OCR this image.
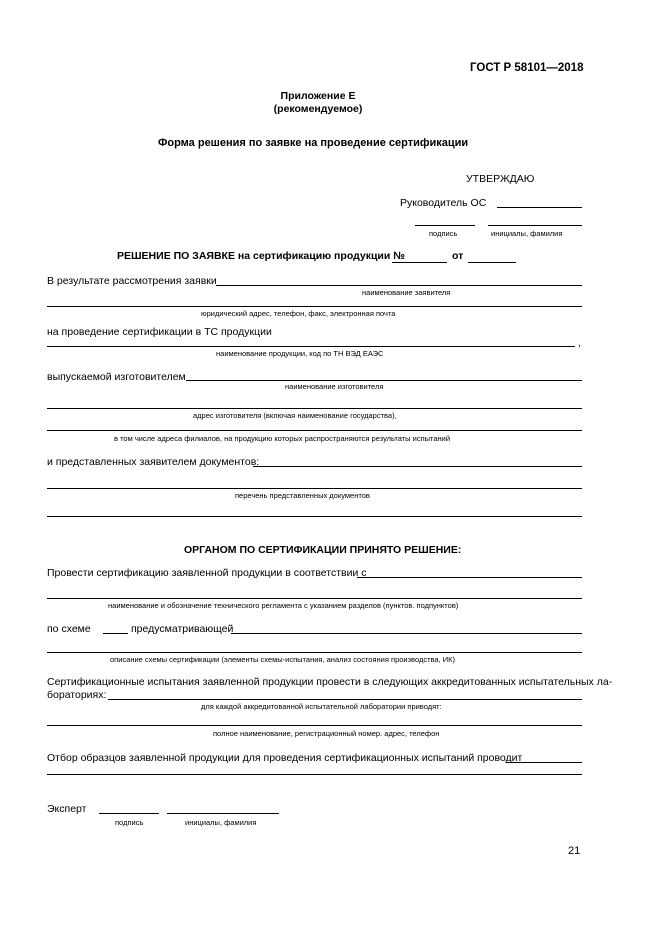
ГОСТ Р 58101—2018
Приложение Е
(рекомендуемое)
Форма решения по заявке на проведение сертификации
УТВЕРЖДАЮ
Руководитель ОС
подпись	инициалы, фамилия
РЕШЕНИЕ ПО ЗАЯВКЕ на сертификацию продукции №	от
В результате рассмотрения заявки
наименование заявителя
юридический адрес, телефон, факс, электронная почта
на проведение сертификации в ТС продукции
,
наименование продукции, код по ТН ВЭД ЕАЭС
выпускаемой изготовителем
наименование изготовителя
адрес изготовителя (включая наименование государства),
в том числе адреса филиалов, на продукцию которых распространяются результаты испытаний
и представленных заявителем документов:
перечень представленных документов
ОРГАНОМ ПО СЕРТИФИКАЦИИ ПРИНЯТО РЕШЕНИЕ:
Провести сертификацию заявленной продукции в соответствии с
наименование и обозначение технического регламента с указанием разделов (пунктов. подпунктов)
по схеме	предусматривающей
описание схемы сертификации (элементы схемы-испытания, анализ состояния производства, ИК)
Сертификационные испытания заявленной продукции провести в следующих аккредитованных испытательных ла-
бораториях:
для каждой аккредитованной испытательной лаборатории приводят:
полное наименование, регистрационный номер. адрес, телефон
Отбор образцов заявленной продукции для проведения сертификационных испытаний проводит
Эксперт
подпись	инициалы, фамилия
21
